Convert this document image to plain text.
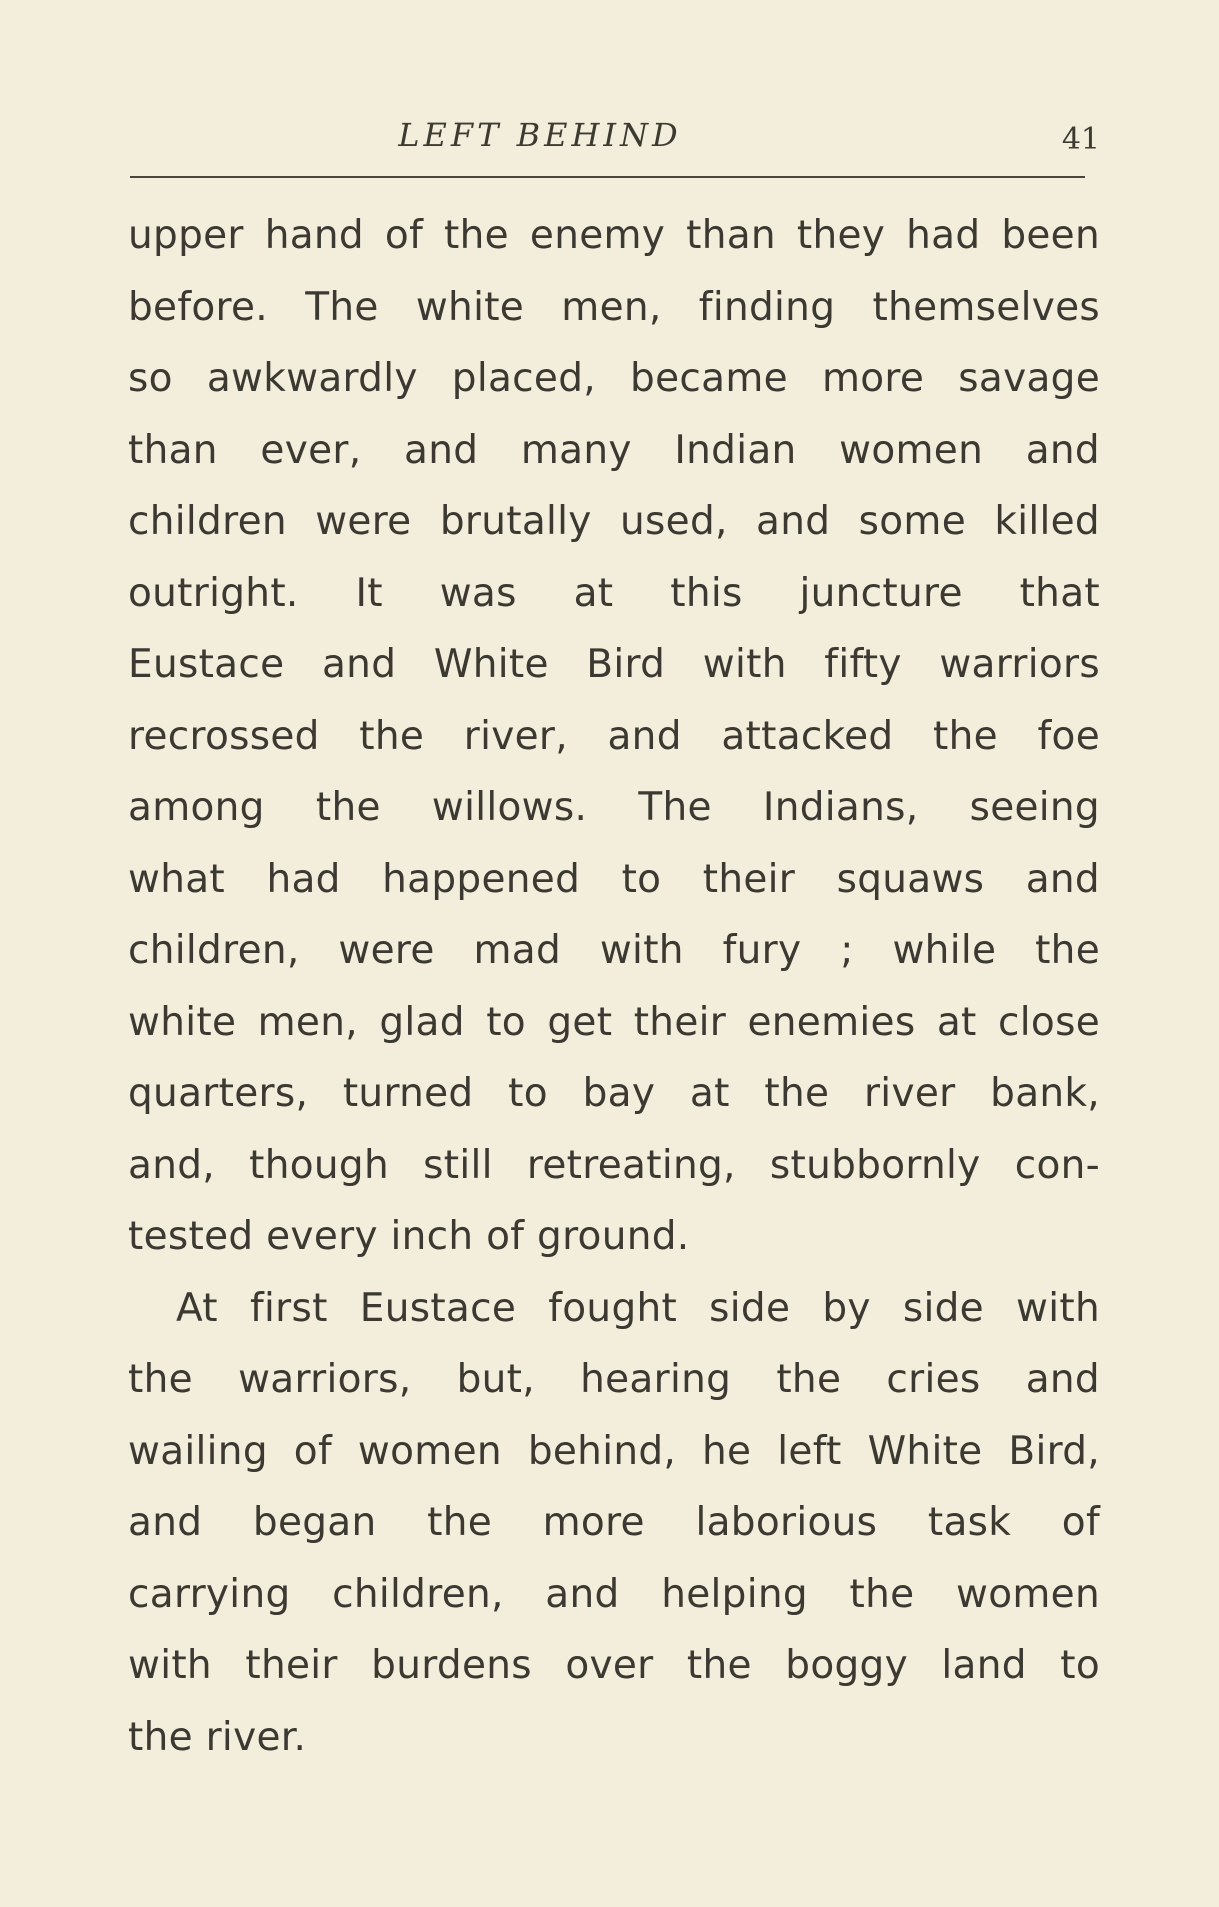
LEFT BEHIND	41
upper hand of the enemy than they had been
before. The white men, finding themselves
so awkwardly placed, became more savage
than ever, and many Indian women and
children were brutally used, and some killed
outright. It was at this juncture that
Eustace and White Bird with fifty warriors
recrossed the river, and attacked the foe
among the willows. The Indians, seeing
what had happened to their squaws and
children, were mad with fury ; while the
white men, glad to get their enemies at close
quarters, turned to bay at the river bank,
and, though still retreating, stubbornly con-
tested every inch of ground.
At first Eustace fought side by side with
the warriors, but, hearing the cries and
wailing of women behind, he left White Bird,
and began the more laborious task of
carrying children, and helping the women
with their burdens over the boggy land to
the river.
